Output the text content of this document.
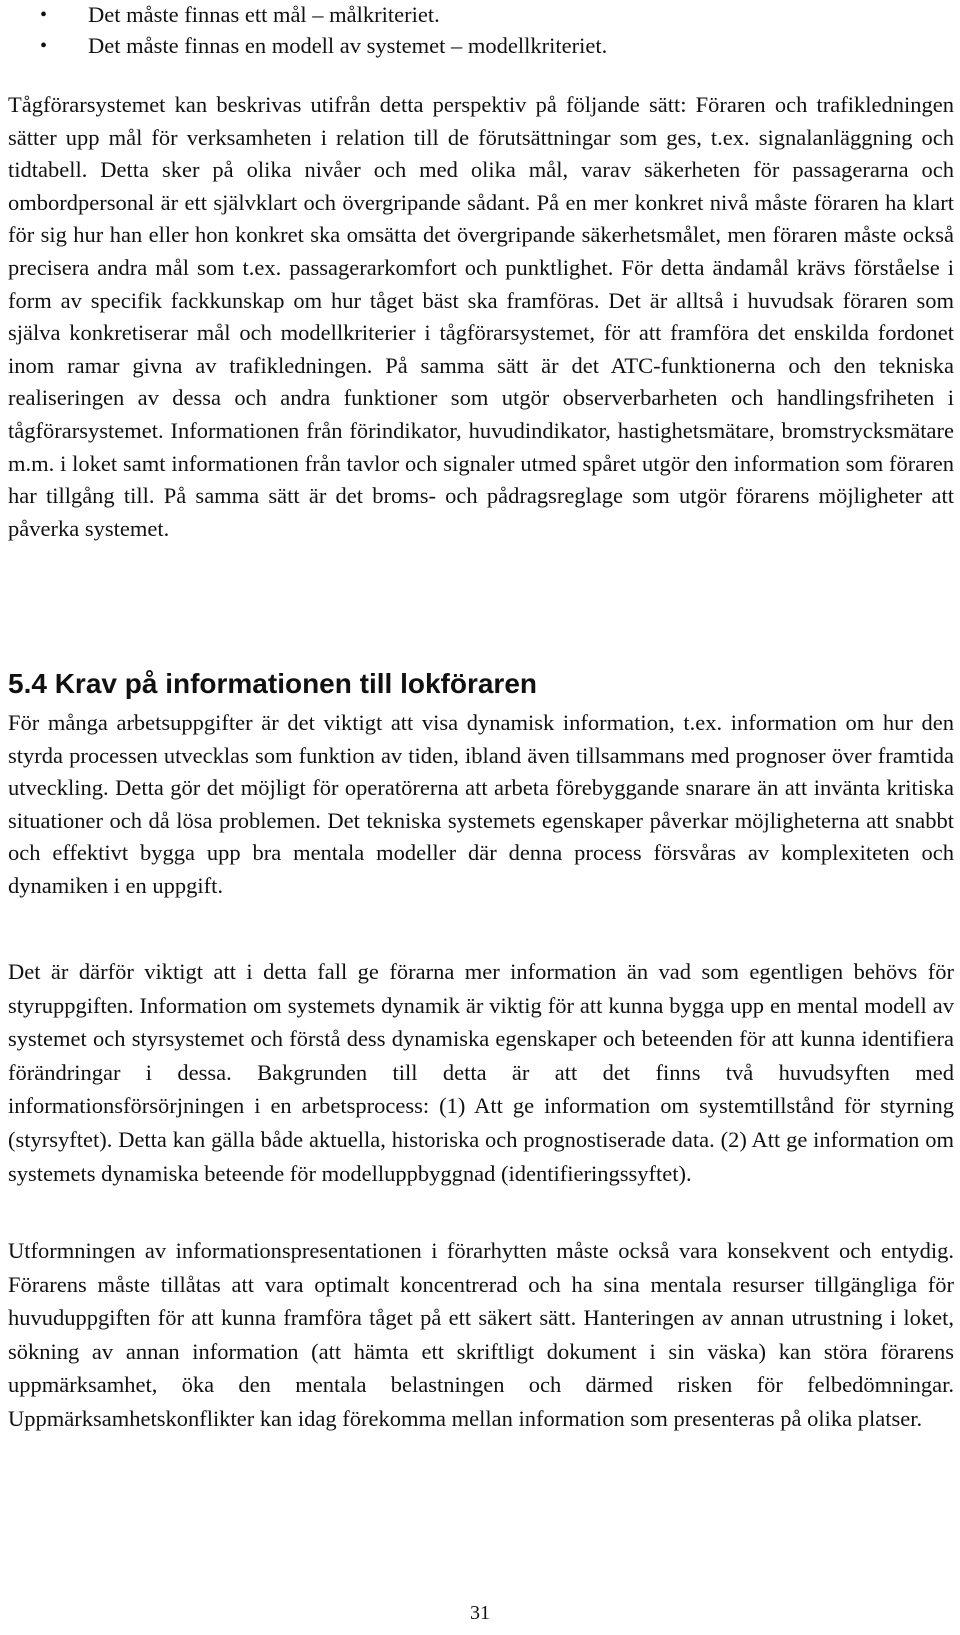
• Det måste finnas ett mål – målkriteriet.
• Det måste finnas en modell av systemet – modellkriteriet.

Tågförarsystemet kan beskrivas utifrån detta perspektiv på följande sätt: Föraren och trafikledningen sätter upp mål för verksamheten i relation till de förutsättningar som ges, t.ex. signalanläggning och tidtabell. Detta sker på olika nivåer och med olika mål, varav säkerheten för passagerarna och ombordpersonal är ett självklart och övergripande sådant. På en mer konkret nivå måste föraren ha klart för sig hur han eller hon konkret ska omsätta det övergripande säkerhetsmålet, men föraren måste också precisera andra mål som t.ex. passagerarkomfort och punktlighet. För detta ändamål krävs förståelse i form av specifik fackkunskap om hur tåget bäst ska framföras. Det är alltså i huvudsak föraren som själva konkretiserar mål och modellkriterier i tågförarsystemet, för att framföra det enskilda fordonet inom ramar givna av trafikledningen. På samma sätt är det ATC-funktionerna och den tekniska realiseringen av dessa och andra funktioner som utgör observerbarheten och handlingsfriheten i tågförarsystemet. Informationen från förindikator, huvudindikator, hastighetsmätare, bromstrycksmätare m.m. i loket samt informationen från tavlor och signaler utmed spåret utgör den information som föraren har tillgång till. På samma sätt är det broms- och pådragsreglage som utgör förarens möjligheter att påverka systemet.

5.4 Krav på informationen till lokföraren

För många arbetsuppgifter är det viktigt att visa dynamisk information, t.ex. information om hur den styrda processen utvecklas som funktion av tiden, ibland även tillsammans med prognoser över framtida utveckling. Detta gör det möjligt för operatörerna att arbeta förebyggande snarare än att invänta kritiska situationer och då lösa problemen. Det tekniska systemets egenskaper påverkar möjligheterna att snabbt och effektivt bygga upp bra mentala modeller där denna process försvåras av komplexiteten och dynamiken i en uppgift.

Det är därför viktigt att i detta fall ge förarna mer information än vad som egentligen behövs för styruppgiften. Information om systemets dynamik är viktig för att kunna bygga upp en mental modell av systemet och styrsystemet och förstå dess dynamiska egenskaper och beteenden för att kunna identifiera förändringar i dessa. Bakgrunden till detta är att det finns två huvudsyften med informationsförsörjningen i en arbetsprocess: (1) Att ge information om systemtillstånd för styrning (styrsyftet). Detta kan gälla både aktuella, historiska och prognostiserade data. (2) Att ge information om systemets dynamiska beteende för modelluppbyggnad (identifieringssyftet).

Utformningen av informationspresentationen i förarhytten måste också vara konsekvent och entydig. Förarens måste tillåtas att vara optimalt koncentrerad och ha sina mentala resurser tillgängliga för huvuduppgiften för att kunna framföra tåget på ett säkert sätt. Hanteringen av annan utrustning i loket, sökning av annan information (att hämta ett skriftligt dokument i sin väska) kan störa förarens uppmärksamhet, öka den mentala belastningen och därmed risken för felbedömningar. Uppmärksamhetskonflikter kan idag förekomma mellan information som presenteras på olika platser.

31
